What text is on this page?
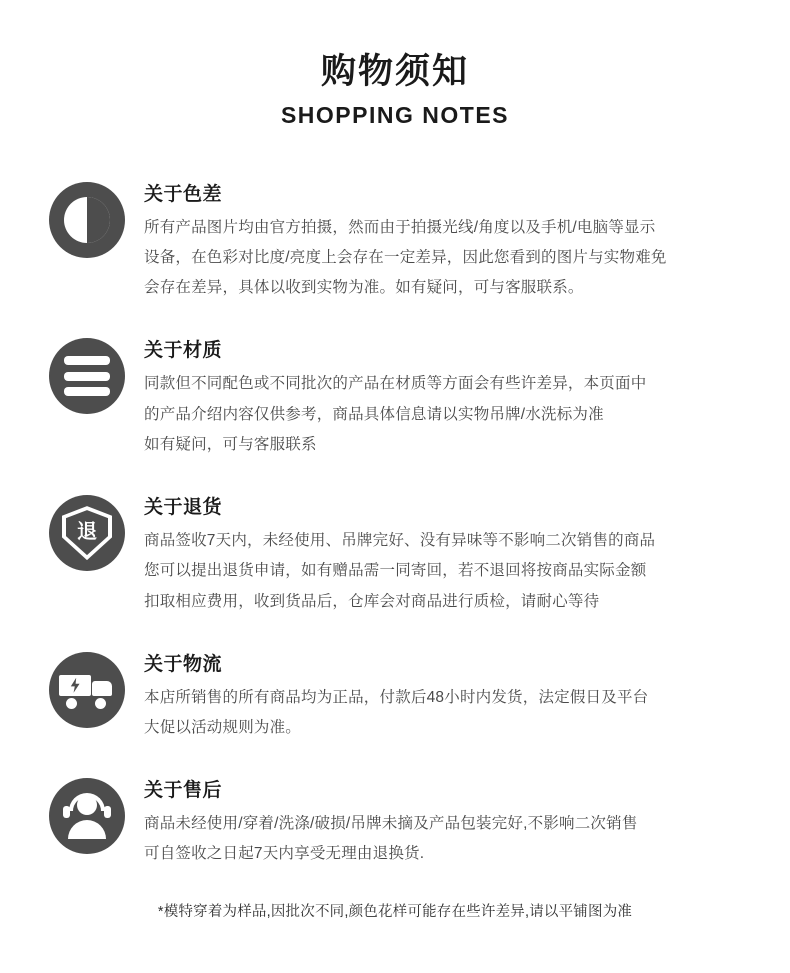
购物须知
SHOPPING NOTES
关于色差
所有产品图片均由官方拍摄，然而由于拍摄光线/角度以及手机/电脑等显示
设备，在色彩对比度/亮度上会存在一定差异，因此您看到的图片与实物难免
会存在差异，具体以收到实物为准。如有疑问，可与客服联系。
关于材质
同款但不同配色或不同批次的产品在材质等方面会有些许差异，本页面中
的产品介绍内容仅供参考，商品具体信息请以实物吊牌/水洗标为准
如有疑问，可与客服联系
退
关于退货
商品签收7天内，未经使用、吊牌完好、没有异味等不影响二次销售的商品
您可以提出退货申请，如有赠品需一同寄回，若不退回将按商品实际金额
扣取相应费用，收到货品后，仓库会对商品进行质检，请耐心等待
关于物流
本店所销售的所有商品均为正品，付款后48小时内发货，法定假日及平台
大促以活动规则为准。
关于售后
商品未经使用/穿着/洗涤/破损/吊牌未摘及产品包装完好,不影响二次销售
可自签收之日起7天内享受无理由退换货.
*模特穿着为样品,因批次不同,颜色花样可能存在些许差异,请以平铺图为准
